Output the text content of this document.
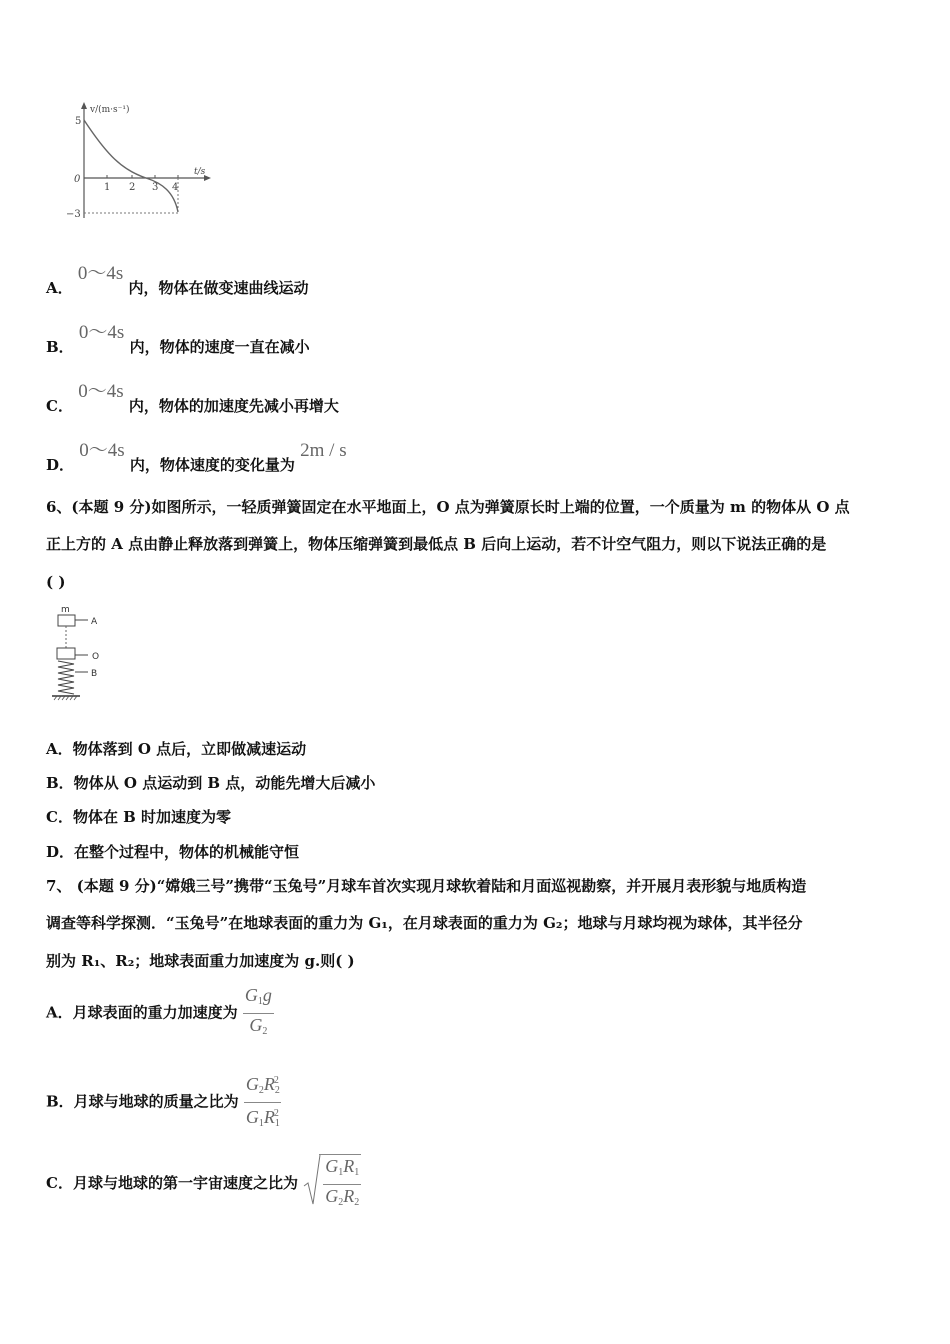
v/(m·s⁻¹)
t/s
5
0
−3
1 2 3 4
A． 0～4s 内，物体在做变速曲线运动
B． 0～4s 内，物体的速度一直在减小
C． 0～4s 内，物体的加速度先减小再增大
D． 0～4s 内，物体速度的变化量为 2m / s
6、(本题 9 分)如图所示，一轻质弹簧固定在水平地面上，O 点为弹簧原长时上端的位置，一个质量为 m 的物体从 O 点
正上方的 A 点由静止释放落到弹簧上，物体压缩弹簧到最低点 B 后向上运动，若不计空气阻力，则以下说法正确的是
( )
m
A
O
B
A．物体落到 O 点后，立即做减速运动
B．物体从 O 点运动到 B 点，动能先增大后减小
C．物体在 B 时加速度为零
D．在整个过程中，物体的机械能守恒
7、 (本题 9 分)“嫦娥三号”携带“玉兔号”月球车首次实现月球软着陆和月面巡视勘察，并开展月表形貌与地质构造
调查等科学探测．“玉兔号”在地球表面的重力为 G₁，在月球表面的重力为 G₂；地球与月球均视为球体，其半径分
别为 R₁、R₂；地球表面重力加速度为 g.则( )
A．月球表面的重力加速度为 $\frac{G_1g}{G_2}$
B．月球与地球的质量之比为 $\frac{G_2R_2^2}{G_1R_1^2}$
C．月球与地球的第一宇宙速度之比为 $\frac{G_1R_1}{G_2R_2}$
